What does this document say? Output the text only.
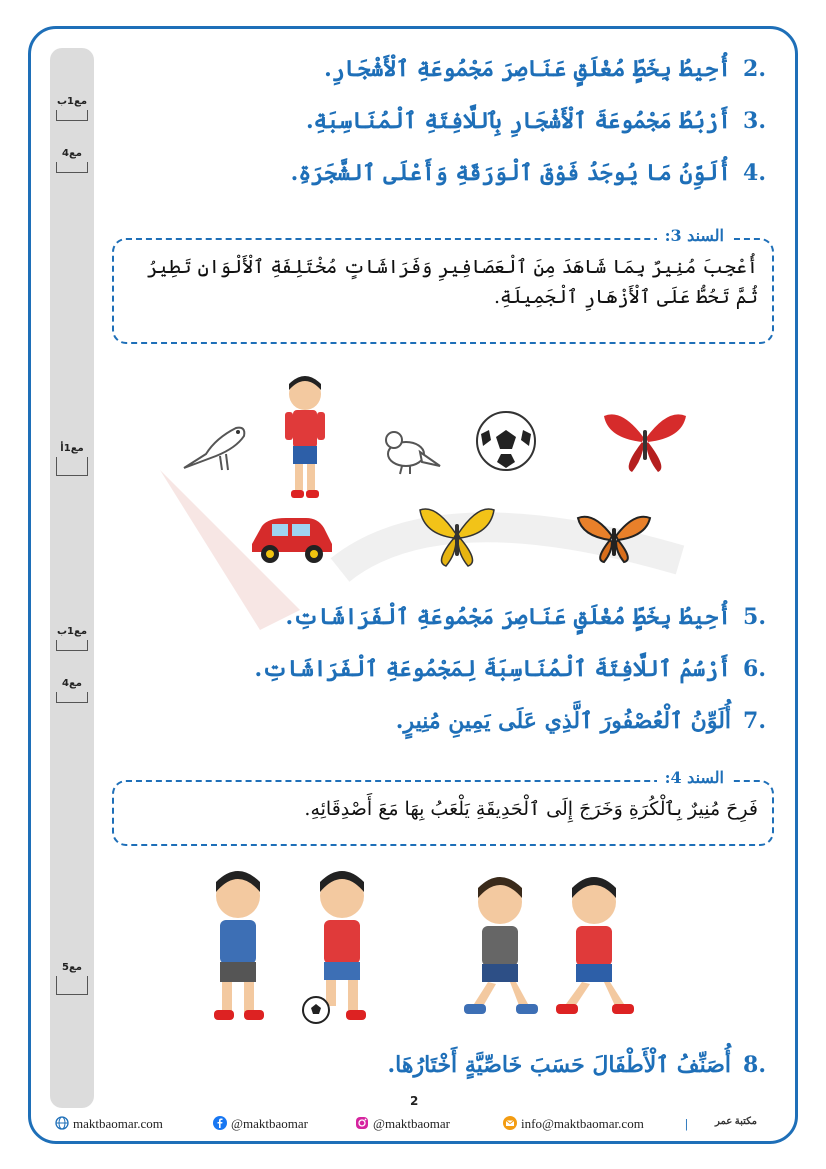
مع1ب
مع4
مع1أ
مع1ب
مع4
مع5
.2أُحِيطُ بِخَطٍّ مُغْلَقٍ عَنَاصِرَ مَجْمُوعَةِ ٱلْأَشْجَارِ.
.3أَرْبُطُ مَجْمُوعَةَ ٱلْأَشْجَارِ بِٱللَّافِتَةِ ٱلْمُنَاسِبَةِ.
.4أُلَوِّنُ مَا يُوجَدُ فَوْقَ ٱلْوَرَقَةِ وَأَعْلَى ٱلشَّجَرَةِ.
السند 3:
أُعْجِبَ مُنِيرٌ بِمَا شَاهَدَ مِنَ ٱلْعَصَافِيرِ وَفَرَاشَاتٍ مُخْتَلِفَةِ ٱلْأَلْوَانِ تَطِيرُ ثُمَّ تَحُطُّ عَلَى ٱلْأَزْهَارِ ٱلْجَمِيلَةِ.
.5أُحِيطُ بِخَطٍّ مُغْلَقٍ عَنَاصِرَ مَجْمُوعَةِ ٱلْفَرَاشَاتِ.
.6أَرْسُمُ ٱللَّافِتَةَ ٱلْمُنَاسِبَةَ لِمَجْمُوعَةِ ٱلْفَرَاشَاتِ.
.7أُلَوِّنُ ٱلْعُصْفُورَ ٱلَّذِي عَلَى يَمِينِ مُنِيرٍ.
السند 4:
فَرِحَ مُنِيرٌ بِٱلْكُرَةِ وَخَرَجَ إِلَى ٱلْحَدِيقَةِ يَلْعَبُ بِهَا مَعَ أَصْدِقَائِهِ.
.8أُصَنِّفُ ٱلْأَطْفَالَ حَسَبَ خَاصِّيَّةٍ أَخْتَارُهَا.
2
maktbaomar.com	@maktbaomar	@maktbaomar	info@maktbaomar.com	|	مكتبة عمر
